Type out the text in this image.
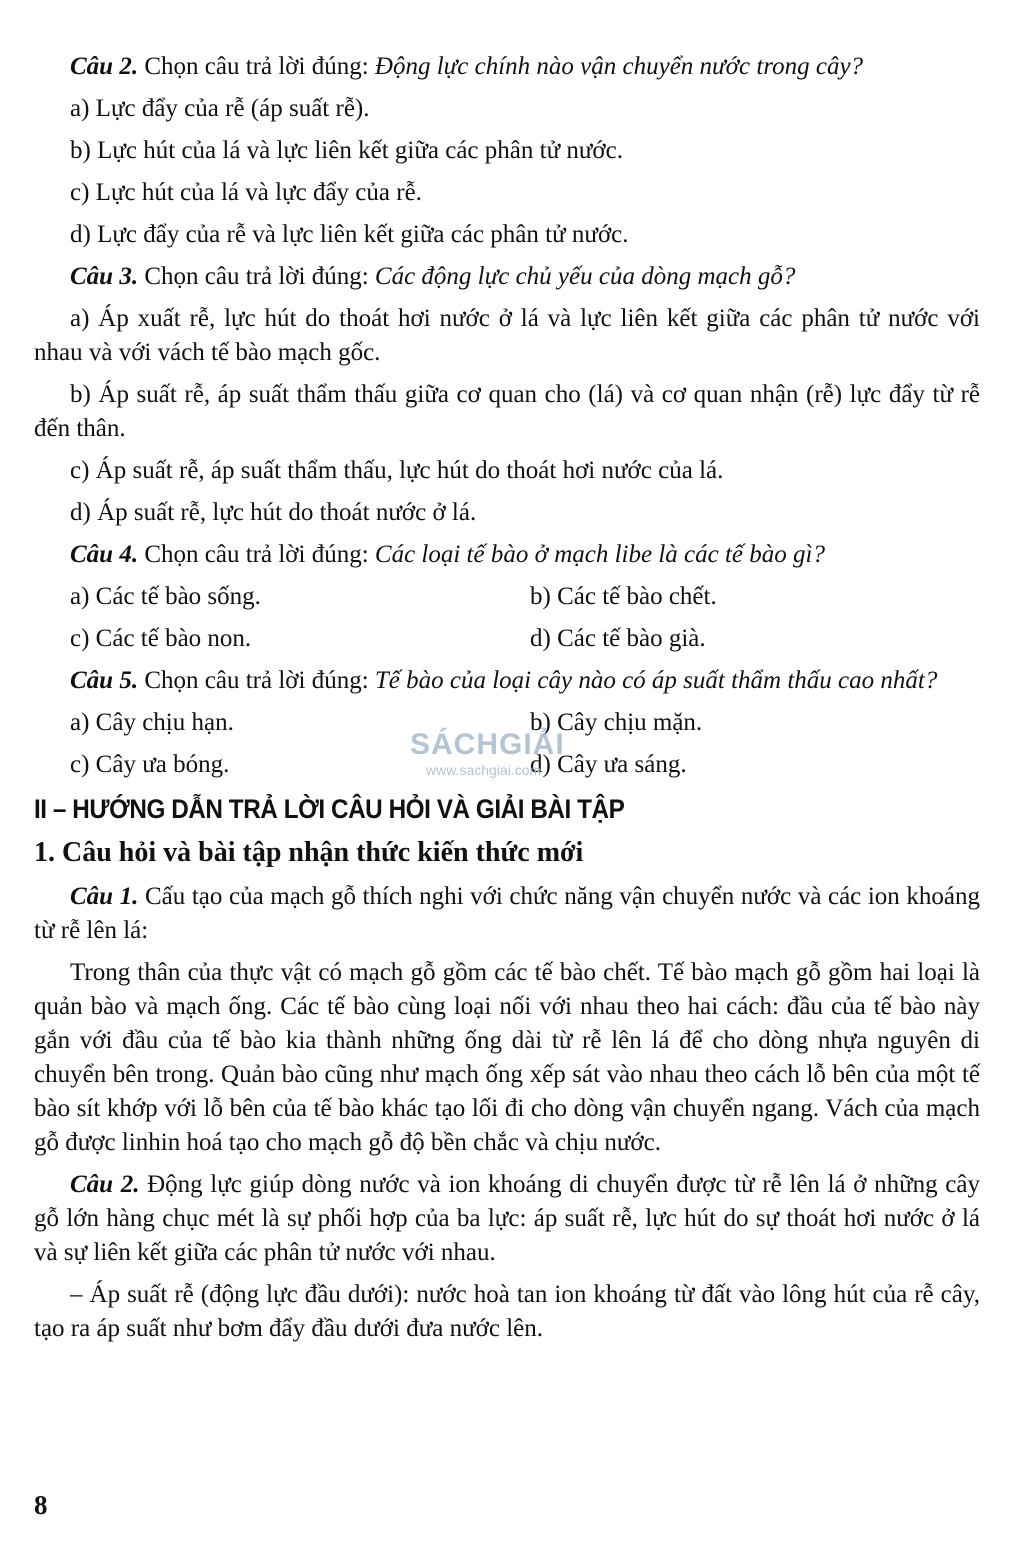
Câu 2. Chọn câu trả lời đúng: Động lực chính nào vận chuyển nước trong cây?

a) Lực đẩy của rễ (áp suất rễ).

b) Lực hút của lá và lực liên kết giữa các phân tử nước.

c) Lực hút của lá và lực đẩy của rễ.

d) Lực đẩy của rễ và lực liên kết giữa các phân tử nước.

Câu 3. Chọn câu trả lời đúng: Các động lực chủ yếu của dòng mạch gỗ?

a) Áp xuất rễ, lực hút do thoát hơi nước ở lá và lực liên kết giữa các phân tử nước với nhau và với vách tế bào mạch gốc.

b) Áp suất rễ, áp suất thẩm thấu giữa cơ quan cho (lá) và cơ quan nhận (rễ) lực đẩy từ rễ đến thân.

c) Áp suất rễ, áp suất thẩm thấu, lực hút do thoát hơi nước của lá.

d) Áp suất rễ, lực hút do thoát nước ở lá.

Câu 4. Chọn câu trả lời đúng: Các loại tế bào ở mạch libe là các tế bào gì?

a) Các tế bào sống.	b) Các tế bào chết.
c) Các tế bào non.	d) Các tế bào già.

Câu 5. Chọn câu trả lời đúng: Tế bào của loại cây nào có áp suất thẩm thấu cao nhất?

a) Cây chịu hạn.	b) Cây chịu mặn.
c) Cây ưa bóng.	d) Cây ưa sáng.
II – HƯỚNG DẪN TRẢ LỜI CÂU HỎI VÀ GIẢI BÀI TẬP
1. Câu hỏi và bài tập nhận thức kiến thức mới

Câu 1. Cấu tạo của mạch gỗ thích nghi với chức năng vận chuyển nước và các ion khoáng từ rễ lên lá:

Trong thân của thực vật có mạch gỗ gồm các tế bào chết. Tế bào mạch gỗ gồm hai loại là quản bào và mạch ống. Các tế bào cùng loại nối với nhau theo hai cách: đầu của tế bào này gắn với đầu của tế bào kia thành những ống dài từ rễ lên lá để cho dòng nhựa nguyên di chuyển bên trong. Quản bào cũng như mạch ống xếp sát vào nhau theo cách lỗ bên của một tế bào sít khớp với lỗ bên của tế bào khác tạo lối đi cho dòng vận chuyển ngang. Vách của mạch gỗ được linhin hoá tạo cho mạch gỗ độ bền chắc và chịu nước.

Câu 2. Động lực giúp dòng nước và ion khoáng di chuyển được từ rễ lên lá ở những cây gỗ lớn hàng chục mét là sự phối hợp của ba lực: áp suất rễ, lực hút do sự thoát hơi nước ở lá và sự liên kết giữa các phân tử nước với nhau.

– Áp suất rễ (động lực đầu dưới): nước hoà tan ion khoáng từ đất vào lông hút của rễ cây, tạo ra áp suất như bơm đẩy đầu dưới đưa nước lên.

SÁCHGIẢI
www.sachgiai.com
8
